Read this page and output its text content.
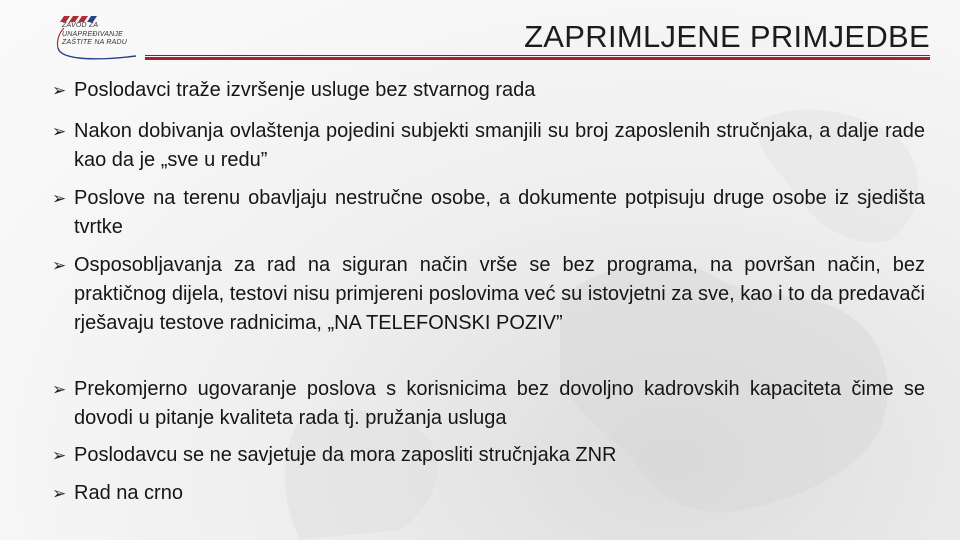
ZAVOD ZA
UNAPREĐIVANJE
ZAŠTITE NA RADU	ZAPRIMLJENE PRIMJEDBE
➢ Poslodavci traže izvršenje usluge bez stvarnog rada
➢ Nakon dobivanja ovlaštenja pojedini subjekti smanjili su broj zaposlenih stručnjaka, a dalje rade kao da je „sve u redu”
➢ Poslove na terenu obavljaju nestručne osobe, a dokumente potpisuju druge osobe iz sjedišta tvrtke
➢ Osposobljavanja za rad na siguran način vrše se bez programa, na površan način, bez praktičnog dijela, testovi nisu primjereni poslovima već su istovjetni za sve, kao i to da predavači rješavaju testove radnicima, „NA TELEFONSKI POZIV”
➢ Prekomjerno ugovaranje poslova s korisnicima bez dovoljno kadrovskih kapaciteta čime se dovodi u pitanje kvaliteta rada tj. pružanja usluga
➢ Poslodavcu se ne savjetuje da mora zaposliti stručnjaka ZNR
➢ Rad na crno
